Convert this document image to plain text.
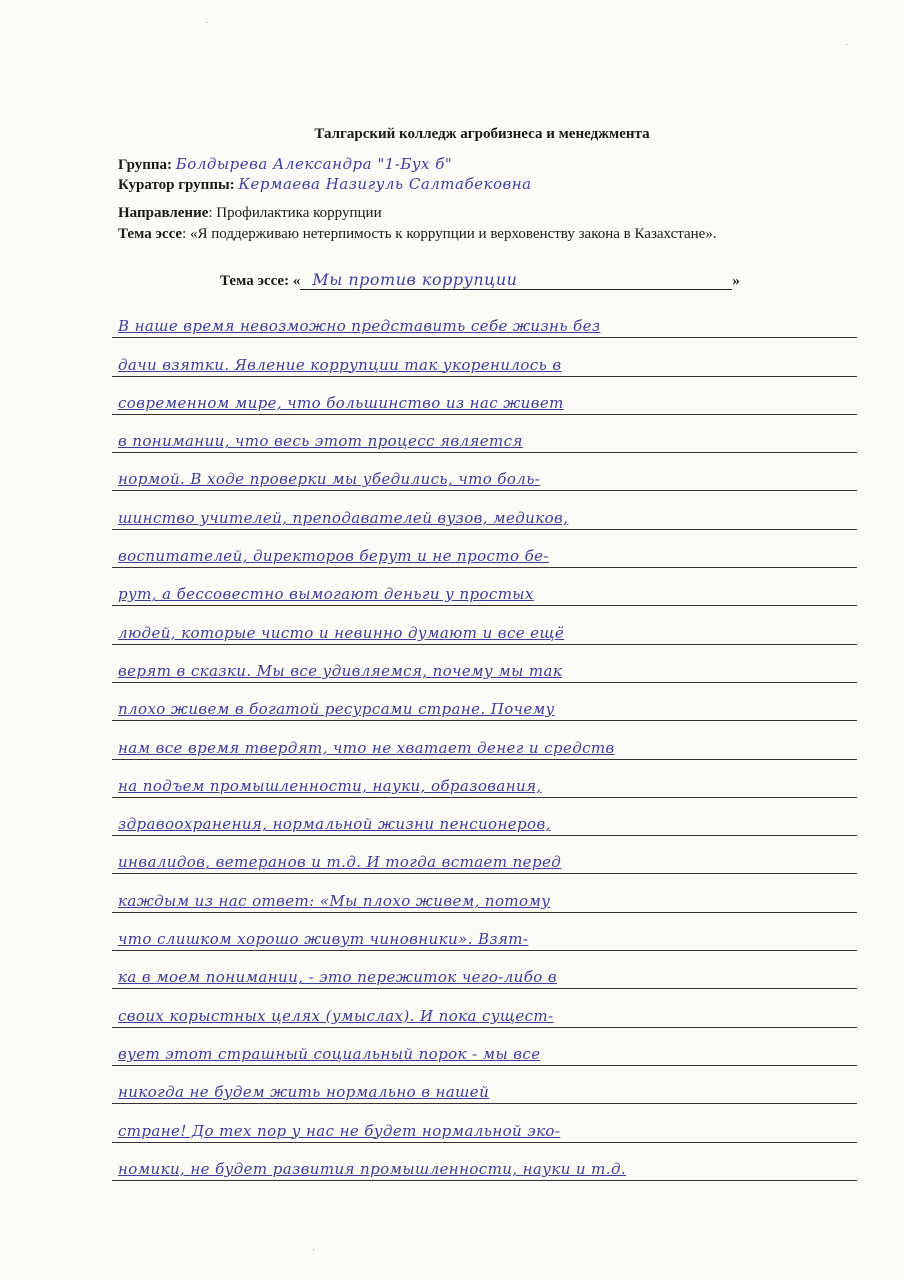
·
·
·
Талгарский колледж агробизнеса и менеджмента
Группа: Болдырева Александра "1-Бух б"
Куратор группы: Кермаева Назигуль Салтабековна
Направление: Профилактика коррупции
Тема эссе: «Я поддерживаю нетерпимость к коррупции и верховенству закона в Казахстане».
Тема эссе: « Мы против коррупции	»
В наше время невозможно представить себе жизнь без
дачи взятки. Явление коррупции так укоренилось в
современном мире, что большинство из нас живет
в понимании, что весь этот процесс является
нормой. В ходе проверки мы убедились, что боль-
шинство учителей, преподавателей вузов, медиков,
воспитателей, директоров берут и не просто бе-
рут, а бессовестно вымогают деньги у простых
людей, которые чисто и невинно думают и все ещё
верят в сказки. Мы все удивляемся, почему мы так
плохо живем в богатой ресурсами стране. Почему
нам все время твердят, что не хватает денег и средств
на подъем промышленности, науки, образования,
здравоохранения, нормальной жизни пенсионеров,
инвалидов, ветеранов и т.д. И тогда встает перед
каждым из нас ответ: «Мы плохо живем, потому
что слишком хорошо живут чиновники». Взят-
ка в моем понимании, - это пережиток чего-либо в
своих корыстных целях (умыслах). И пока сущест-
вует этот страшный социальный порок - мы все
никогда не будем жить нормально в нашей
стране! До тех пор у нас не будет нормальной эко-
номики, не будет развития промышленности, науки и т.д.
